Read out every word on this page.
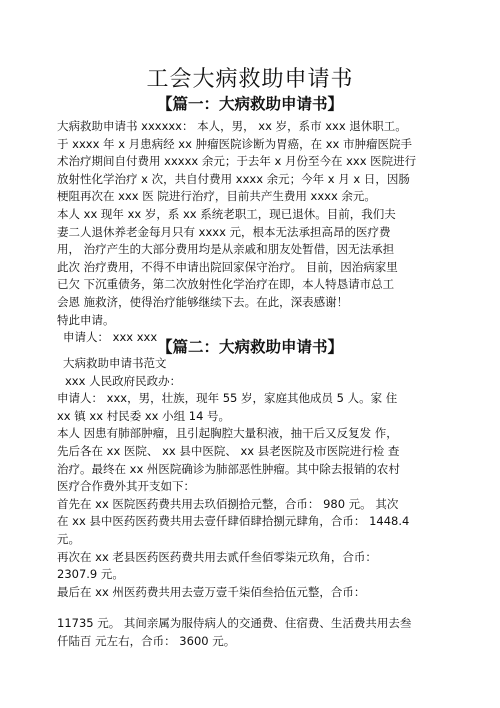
工会大病救助申请书
【篇一：大病救助申请书】
大病救助申请书 xxxxxx： 本人，男， xx 岁，系市 xxx 退休职工。
于 xxxx 年 x 月患病经 xx 肿瘤医院诊断为胃癌，在 xx 市肿瘤医院手
术治疗期间自付费用 xxxxx 余元；于去年 x 月份至今在 xxx 医院进行
放射性化学治疗 x 次，共自付费用 xxxx 余元；今年 x 月 x 日，因肠
梗阻再次在 xxx 医 院进行治疗，目前共产生费用 xxxx 余元。
本人 xx 现年 xx 岁，系 xx 系统老职工，现已退休。目前，我们夫
妻二人退休养老金每月只有 xxxx 元，根本无法承担高昂的医疗费
用， 治疗产生的大部分费用均是从亲戚和朋友处暂借，因无法承担
此次 治疗费用，不得不申请出院回家保守治疗。 目前，因治病家里
已欠 下沉重债务，第二次放射性化学治疗在即，本人特恳请市总工
会恩 施救济，使得治疗能够继续下去。在此，深表感谢！
特此申请。
申请人： xxx xxx
【篇二：大病救助申请书】
大病救助申请书范文
xxx 人民政府民政办：
申请人： xxx，男，壮族，现年 55 岁，家庭其他成员 5 人。家 住
xx 镇 xx 村民委 xx 小组 14 号。
本人 因患有肺部肿瘤，且引起胸腔大量积液，抽干后又反复发 作，
先后各在 xx 医院、 xx 县中医院、 xx 县老医院及市医院进行检 查
治疗。最终在 xx 州医院确诊为肺部恶性肿瘤。其中除去报销的农村
医疗合作费外其开支如下：
首先在 xx 医院医药费共用去玖佰捌拾元整，合币： 980 元。 其次
在 xx 县中医药医药费共用去壹仟肆佰肆拾捌元肆角，合币： 1448.4
元。
再次在 xx 老县医药医药费共用去贰仟叁佰零柒元玖角，合币：
2307.9 元。
最后在 xx 州医药费共用去壹万壹千柒佰叁拾伍元整，合币：
11735 元。 其间亲属为服侍病人的交通费、住宿费、生活费共用去叁
仟陆百 元左右，合币： 3600 元。
